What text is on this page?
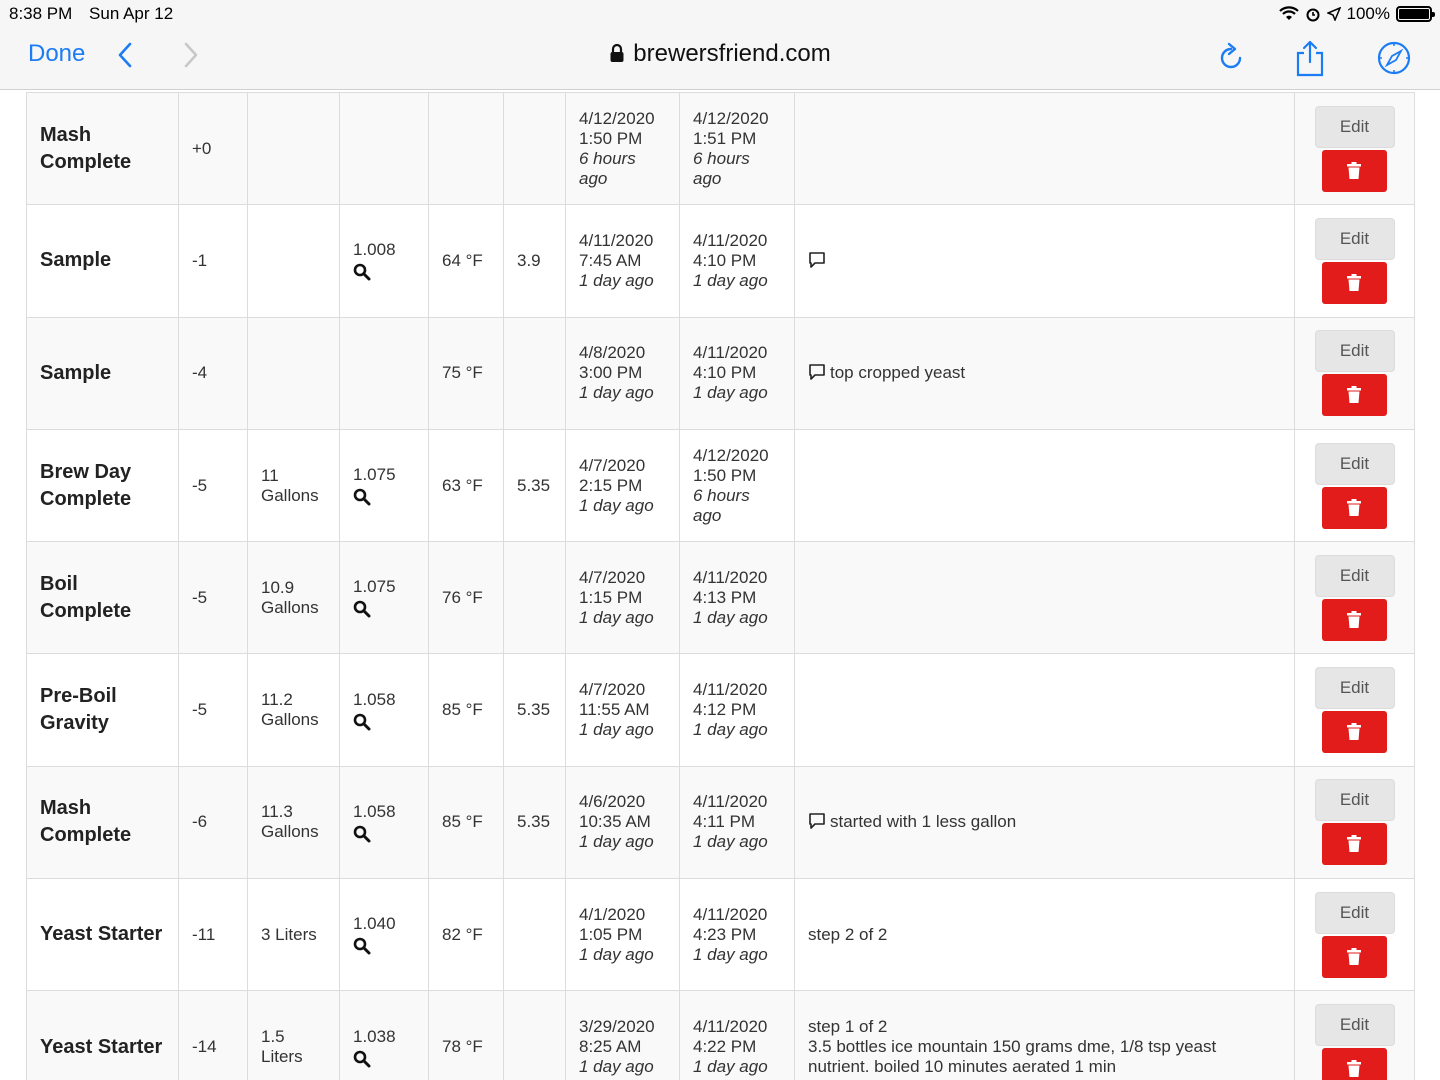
8:38 PM Sun Apr 12	100%
Done	brewersfriend.com
Mash Complete	+0					4/12/2020
1:50 PM
6 hours ago	4/12/2020
1:51 PM
6 hours ago		Edit

Sample	-1		1.008	64 °F	3.9	4/11/2020
7:45 AM
1 day ago	4/11/2020
4:10 PM
1 day ago		Edit

Sample	-4			75 °F		4/8/2020
3:00 PM
1 day ago	4/11/2020
4:10 PM
1 day ago	top cropped yeast	Edit

Brew Day Complete	-5	11 Gallons	1.075	63 °F	5.35	4/7/2020
2:15 PM
1 day ago	4/12/2020
1:50 PM
6 hours ago		Edit

Boil Complete	-5	10.9 Gallons	1.075	76 °F		4/7/2020
1:15 PM
1 day ago	4/11/2020
4:13 PM
1 day ago		Edit

Pre-Boil Gravity	-5	11.2 Gallons	1.058	85 °F	5.35	4/7/2020
11:55 AM
1 day ago	4/11/2020
4:12 PM
1 day ago		Edit

Mash Complete	-6	11.3 Gallons	1.058	85 °F	5.35	4/6/2020
10:35 AM
1 day ago	4/11/2020
4:11 PM
1 day ago	started with 1 less gallon	Edit

Yeast Starter	-11	3 Liters	1.040	82 °F		4/1/2020
1:05 PM
1 day ago	4/11/2020
4:23 PM
1 day ago	step 2 of 2	Edit

Yeast Starter	-14	1.5 Liters	1.038	78 °F		3/29/2020
8:25 AM
1 day ago	4/11/2020
4:22 PM
1 day ago	step 1 of 2
3.5 bottles ice mountain 150 grams dme, 1/8 tsp yeast nutrient. boiled 10 minutes aerated 1 min	Edit
